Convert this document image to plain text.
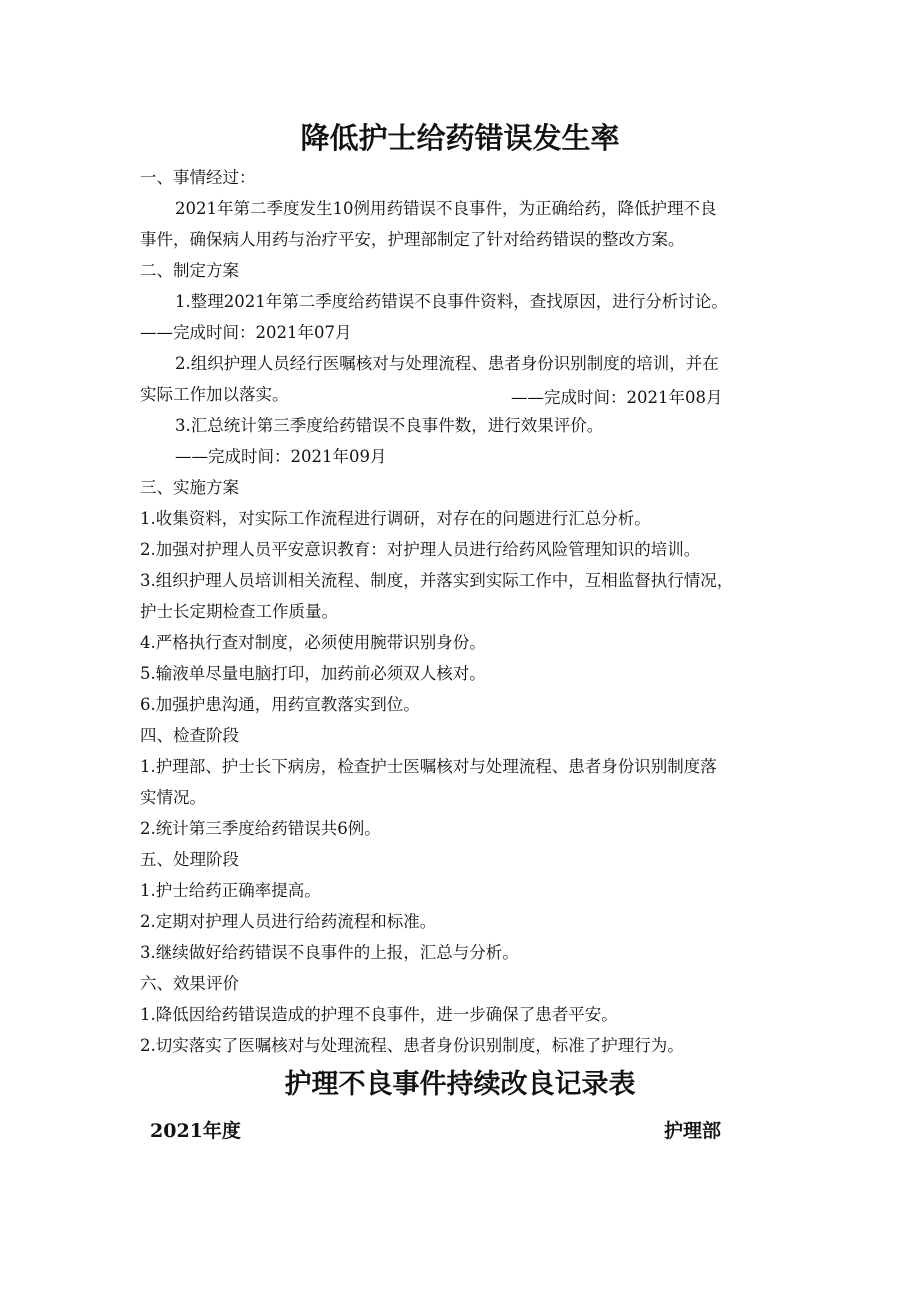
降低护士给药错误发生率
一、事情经过：
2021年第二季度发生10例用药错误不良事件，为正确给药，降低护理不良
事件，确保病人用药与治疗平安，护理部制定了针对给药错误的整改方案。
二、制定方案
1.整理2021年第二季度给药错误不良事件资料，查找原因，进行分析讨论。
——完成时间：2021年07月
2.组织护理人员经行医嘱核对与处理流程、患者身份识别制度的培训，并在
实际工作加以落实。	——完成时间：2021年08月
3.汇总统计第三季度给药错误不良事件数，进行效果评价。
——完成时间：2021年09月
三、实施方案
1.收集资料，对实际工作流程进行调研，对存在的问题进行汇总分析。
2.加强对护理人员平安意识教育：对护理人员进行给药风险管理知识的培训。
3.组织护理人员培训相关流程、制度，并落实到实际工作中，互相监督执行情况，
护士长定期检查工作质量。
4.严格执行查对制度，必须使用腕带识别身份。
5.输液单尽量电脑打印，加药前必须双人核对。
6.加强护患沟通，用药宣教落实到位。
四、检查阶段
1.护理部、护士长下病房，检查护士医嘱核对与处理流程、患者身份识别制度落
实情况。
2.统计第三季度给药错误共6例。
五、处理阶段
1.护士给药正确率提高。
2.定期对护理人员进行给药流程和标准。
3.继续做好给药错误不良事件的上报，汇总与分析。
六、效果评价
1.降低因给药错误造成的护理不良事件，进一步确保了患者平安。
2.切实落实了医嘱核对与处理流程、患者身份识别制度，标准了护理行为。
护理不良事件持续改良记录表
2021年度	护理部
